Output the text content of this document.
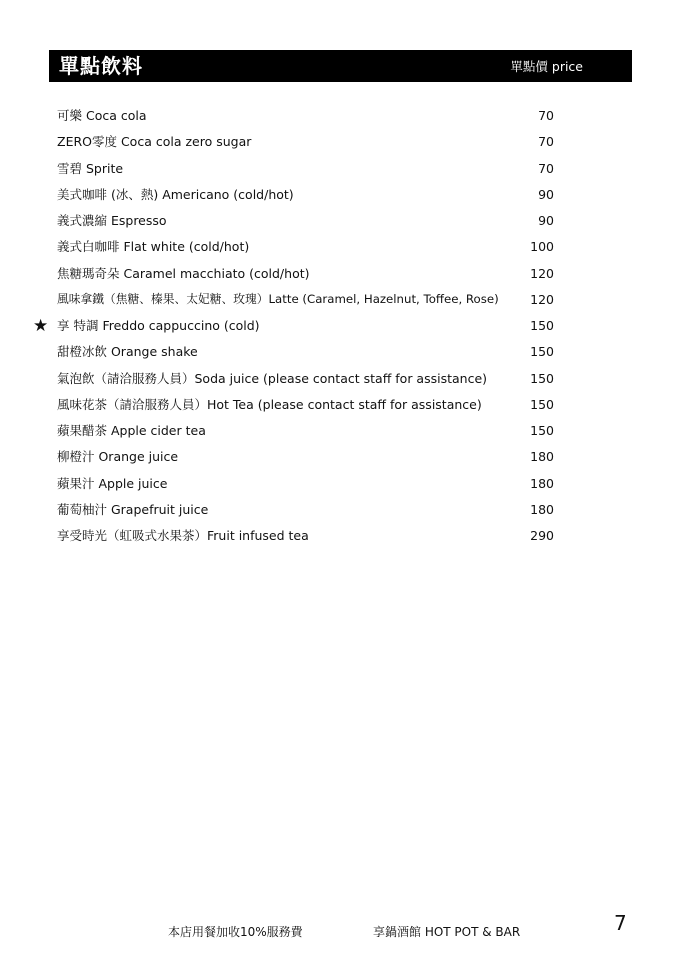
單點飲料	單點價 price
可樂 Coca cola	70
ZERO零度 Coca cola zero sugar	70
雪碧 Sprite	70
美式咖啡 (冰、熱) Americano (cold/hot)	90
義式濃縮 Espresso	90
義式白咖啡 Flat white (cold/hot)	100
焦糖瑪奇朵 Caramel macchiato (cold/hot)	120
風味拿鐵（焦糖、榛果、太妃糖、玫瑰）Latte (Caramel, Hazelnut, Toffee, Rose)	120
★ 享 特調 Freddo cappuccino (cold)	150
甜橙冰飲 Orange shake	150
氣泡飲（請洽服務人員）Soda juice (please contact staff for assistance)	150
風味花茶（請洽服務人員）Hot Tea (please contact staff for assistance)	150
蘋果醋茶 Apple cider tea	150
柳橙汁 Orange juice	180
蘋果汁 Apple juice	180
葡萄柚汁 Grapefruit juice	180
享受時光（虹吸式水果茶）Fruit infused tea	290
本店用餐加收10%服務費	享鍋酒館 HOT POT & BAR	7
